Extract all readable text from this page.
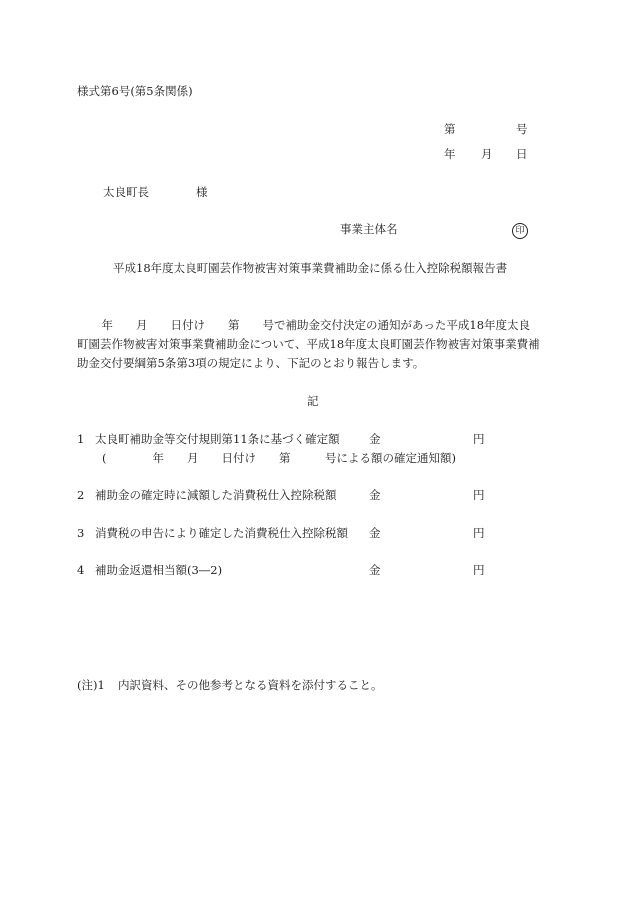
様式第6号(第5条関係)
第	号
年 月 日
太良町長	様
事業主体名	印
平成18年度太良町園芸作物被害対策事業費補助金に係る仕入控除税額報告書
　年　　月　　日付け　　第　　号で補助金交付決定の通知があった平成18年度太良
町園芸作物被害対策事業費補助金について、平成18年度太良町園芸作物被害対策事業費補
助金交付要綱第5条第3項の規定により、下記のとおり報告します。
記
1 太良町補助金等交付規則第11条に基づく確定額	金	円
(　　　　年　　月　　日付け　　第　　　号による額の確定通知額)
2 補助金の確定時に減額した消費税仕入控除税額	金	円
3 消費税の申告により確定した消費税仕入控除税額 金	円
4 補助金返還相当額(3―2)	金	円
(注)1 内訳資料、その他参考となる資料を添付すること。
